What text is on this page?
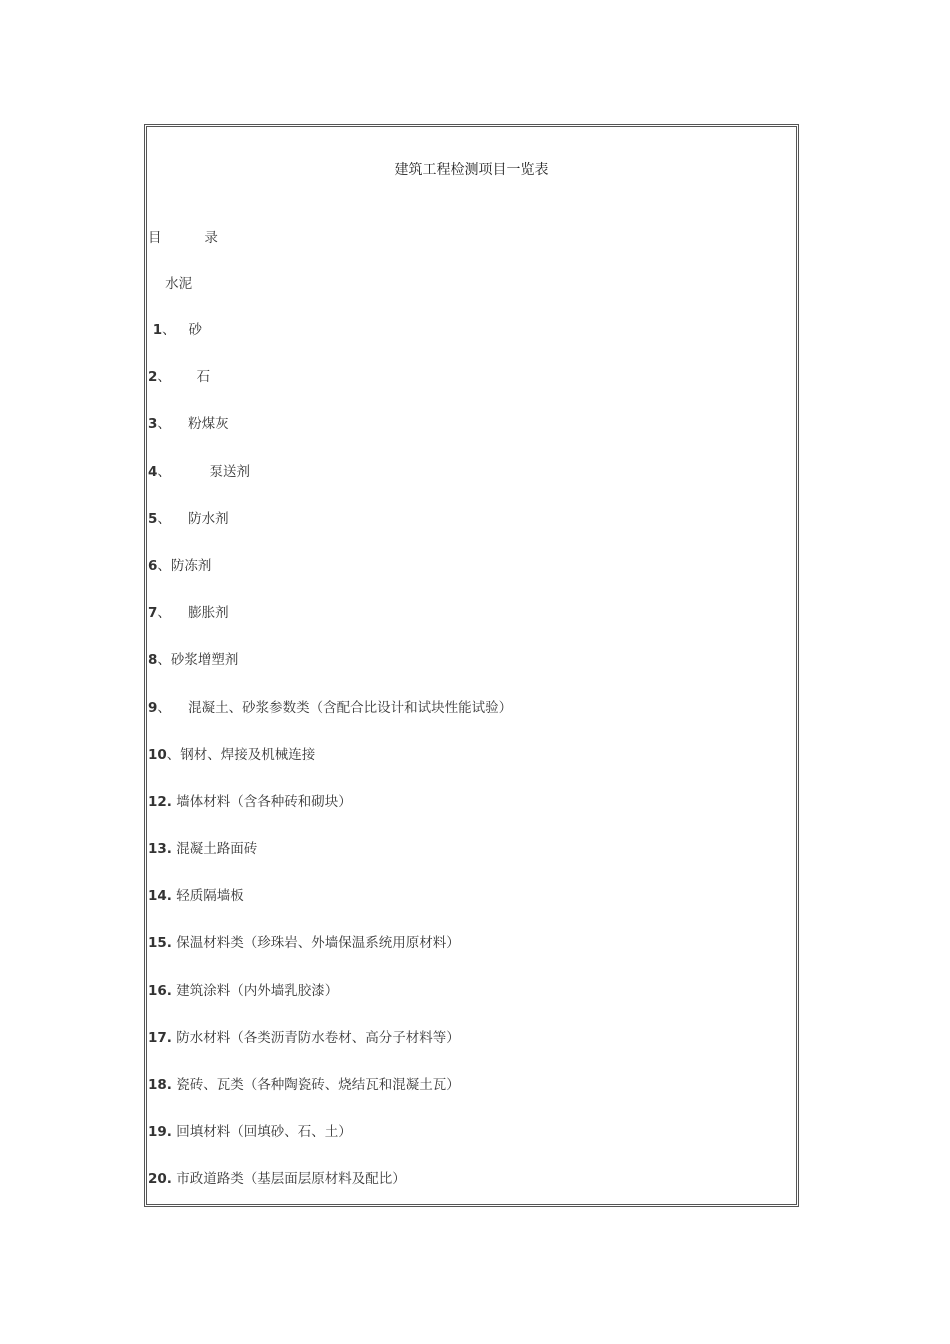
建筑工程检测项目一览表
目          录
水泥
1、   砂
2、      石
3、    粉煤灰
4、         泵送剂
5、    防水剂
6、防冻剂
7、    膨胀剂
8、砂浆增塑剂
9、    混凝土、砂浆参数类（含配合比设计和试块性能试验）
10、钢材、焊接及机械连接
12. 墙体材料（含各种砖和砌块）
13. 混凝土路面砖
14. 轻质隔墙板
15. 保温材料类（珍珠岩、外墙保温系统用原材料）
16. 建筑涂料（内外墙乳胶漆）
17. 防水材料（各类沥青防水卷材、高分子材料等）
18. 瓷砖、瓦类（各种陶瓷砖、烧结瓦和混凝土瓦）
19. 回填材料（回填砂、石、土）
20. 市政道路类（基层面层原材料及配比）
